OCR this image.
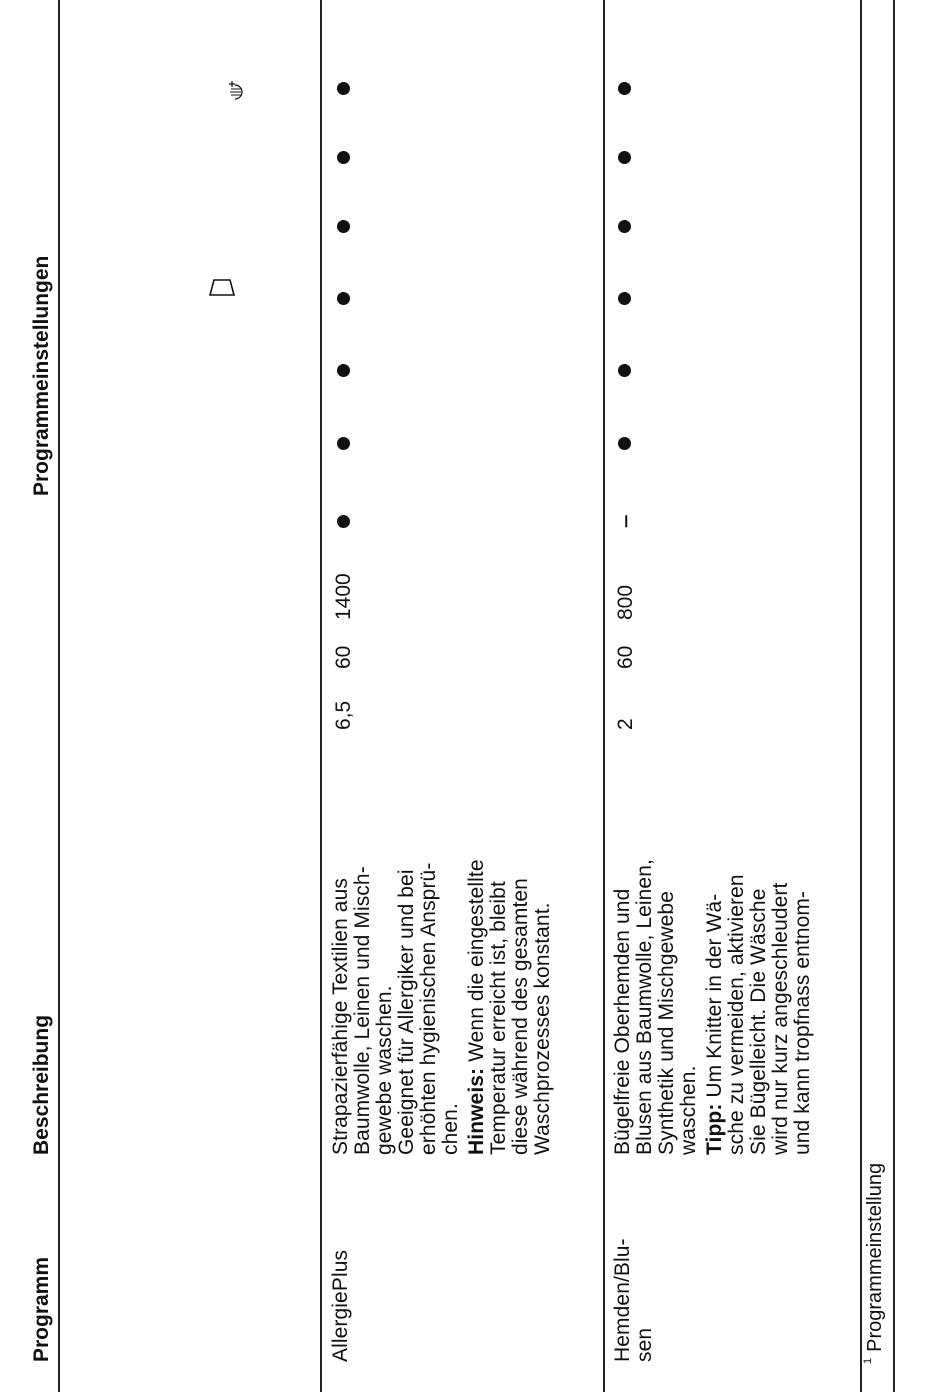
Programm
Beschreibung
Programmeinstellungen
AllergiePlus

Strapazierfähige Textilien aus
Baumwolle, Leinen und Misch-
gewebe waschen.
Geeignet für Allergiker und bei
erhöhten hygienischen Ansprü-
chen. Hinweis: Wenn die eingestellte
Temperatur erreicht ist, bleibt
diese während des gesamten
Waschprozesses konstant.

6,5
60
1400
Hemden/Blu-
sen

Bügelfreie Oberhemden und
Blusen aus Baumwolle, Leinen,
Synthetik und Mischgewebe
waschen. Tipp: Um Knitter in der Wä-
sche zu vermeiden, aktivieren
Sie Bügelleicht. Die Wäsche
wird nur kurz angeschleudert
und kann tropfnass entnom-

2
60
800
$^1$Programmeinstellung
